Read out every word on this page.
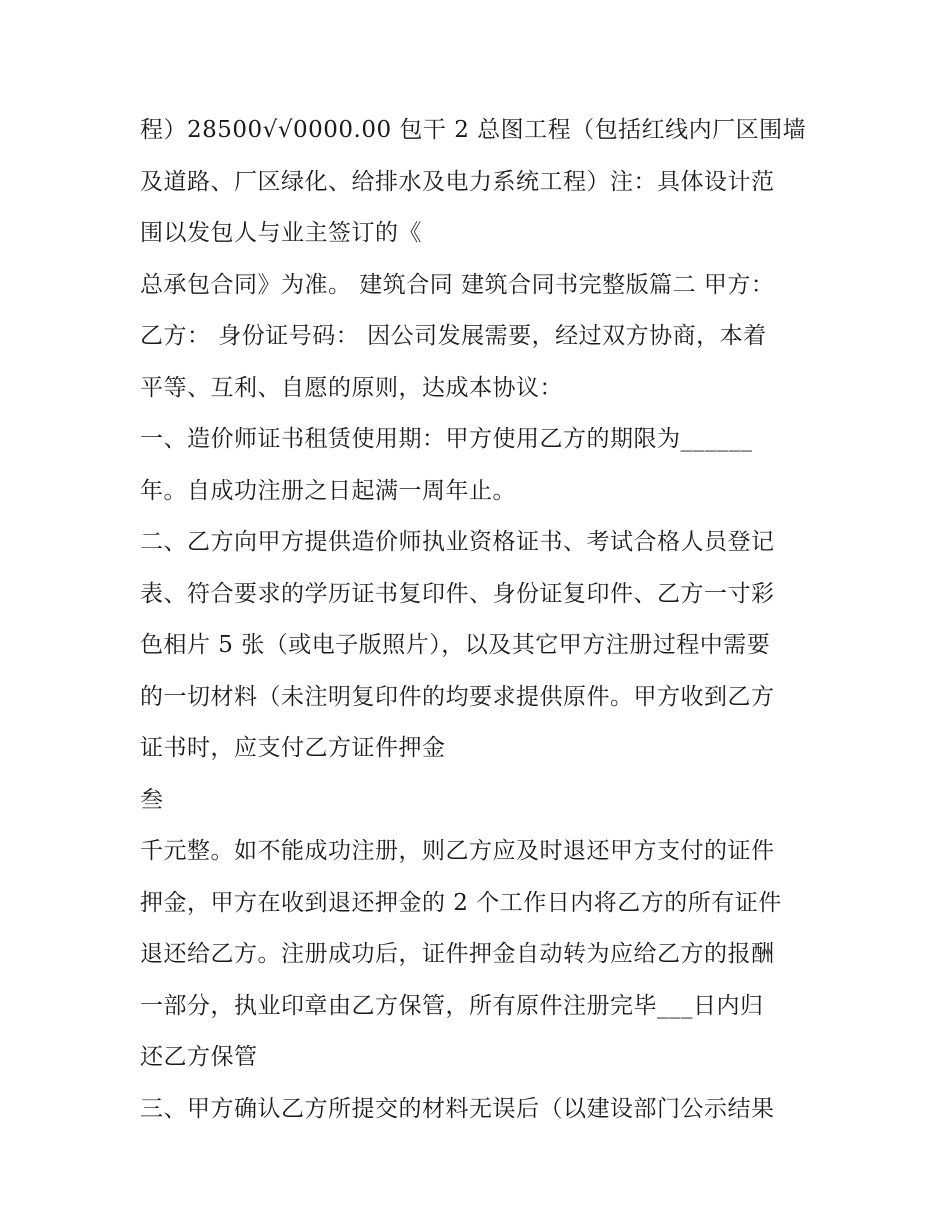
程）28500√√0000.00 包干 2 总图工程（包括红线内厂区围墙
及道路、厂区绿化、给排水及电力系统工程）注：具体设计范
围以发包人与业主签订的《
总承包合同》为准。 建筑合同 建筑合同书完整版篇二 甲方：
乙方： 身份证号码： 因公司发展需要，经过双方协商，本着
平等、互利、自愿的原则，达成本协议：
一、造价师证书租赁使用期：甲方使用乙方的期限为______
年。自成功注册之日起满一周年止。
二、乙方向甲方提供造价师执业资格证书、考试合格人员登记
表、符合要求的学历证书复印件、身份证复印件、乙方一寸彩
色相片 5 张（或电子版照片），以及其它甲方注册过程中需要
的一切材料（未注明复印件的均要求提供原件。甲方收到乙方
证书时，应支付乙方证件押金
叁
千元整。如不能成功注册，则乙方应及时退还甲方支付的证件
押金，甲方在收到退还押金的 2 个工作日内将乙方的所有证件
退还给乙方。注册成功后，证件押金自动转为应给乙方的报酬
一部分，执业印章由乙方保管，所有原件注册完毕___日内归
还乙方保管
三、甲方确认乙方所提交的材料无误后（以建设部门公示结果
